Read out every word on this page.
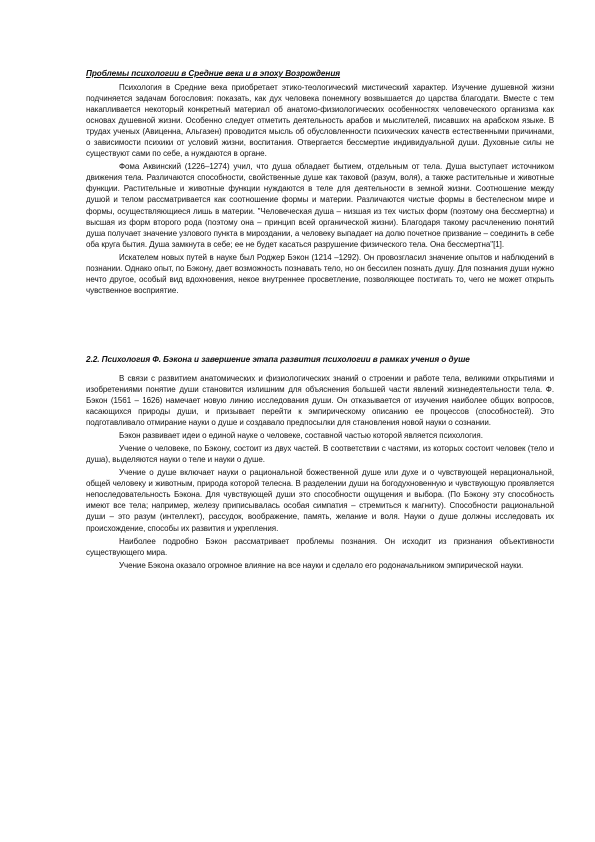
Проблемы психологии в Средние века и в эпоху Возрождения

Психология в Средние века приобретает этико-теологический мистический характер. Изучение душевной жизни подчиняется задачам богословия: показать, как дух человека понемногу возвышается до царства благодати. Вместе с тем накапливается некоторый конкретный материал об анатомо-физиологических особенностях человеческого организма как основах душевной жизни. Особенно следует отметить деятельность арабов и мыслителей, писавших на арабском языке. В трудах ученых (Авиценна, Альгазен) проводится мысль об обусловленности психических качеств естественными причинами, о зависимости психики от условий жизни, воспитания. Отвергается бессмертие индивидуальной души. Духовные силы не существуют сами по себе, а нуждаются в органе.

Фома Аквинский (1226–1274) учил, что душа обладает бытием, отдельным от тела. Душа выступает источником движения тела. Различаются способности, свойственные душе как таковой (разум, воля), а также растительные и животные функции. Растительные и животные функции нуждаются в теле для деятельности в земной жизни. Соотношение между душой и телом рассматривается как соотношение формы и материи. Различаются чистые формы в бестелесном мире и формы, осуществляющиеся лишь в материи. "Человеческая душа – низшая из тех чистых форм (поэтому она бессмертна) и высшая из форм второго рода (поэтому она – принцип всей органической жизни). Благодаря такому расчленению понятий душа получает значение узлового пункта в мироздании, а человеку выпадает на долю почетное призвание – соединить в себе оба круга бытия. Душа замкнута в себе; ее не будет касаться разрушение физического тела. Она бессмертна"[1].

Искателем новых путей в науке был Роджер Бэкон (1214 –1292). Он провозгласил значение опытов и наблюдений в познании. Однако опыт, по Бэкону, дает возможность познавать тело, но он бессилен познать душу. Для познания души нужно нечто другое, особый вид вдохновения, некое внутреннее просветление, позволяющее постигать то, чего не может открыть чувственное восприятие.

2.2. Психология Ф. Бэкона и завершение этапа развития психологии в рамках учения о душе

В связи с развитием анатомических и физиологических знаний о строении и работе тела, великими открытиями и изобретениями понятие души становится излишним для объяснения большей части явлений жизнедеятельности тела. Ф. Бэкон (1561 – 1626) намечает новую линию исследования души. Он отказывается от изучения наиболее общих вопросов, касающихся природы души, и призывает перейти к эмпирическому описанию ее процессов (способностей). Это подготавливало отмирание науки о душе и создавало предпосылки для становления новой науки о сознании.

Бэкон развивает идеи о единой науке о человеке, составной частью которой является психология.

Учение о человеке, по Бэкону, состоит из двух частей. В соответствии с частями, из которых состоит человек (тело и душа), выделяются науки о теле и науки о душе.

Учение о душе включает науки о рациональной божественной душе или духе и о чувствующей нерациональной, общей человеку и животным, природа которой телесна. В разделении души на богодухновенную и чувствующую проявляется непоследовательность Бэкона. Для чувствующей души это способности ощущения и выбора. (По Бэкону эту способность имеют все тела; например, железу приписывалась особая симпатия – стремиться к магниту). Способности рациональной души – это разум (интеллект), рассудок, воображение, память, желание и воля. Науки о душе должны исследовать их происхождение, способы их развития и укрепления.

Наиболее подробно Бэкон рассматривает проблемы познания. Он исходит из признания объективности существующего мира.

Учение Бэкона оказало огромное влияние на все науки и сделало его родоначальником эмпирической науки.
